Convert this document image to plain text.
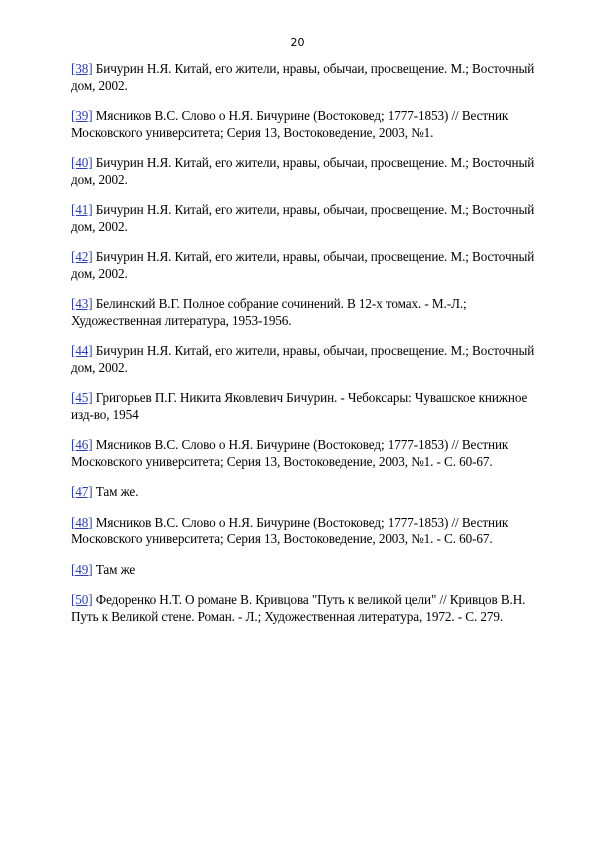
20

[38] Бичурин Н.Я. Китай, его жители, нравы, обычаи, просвещение. М.; Восточный дом, 2002.

[39] Мясников В.С. Слово о Н.Я. Бичурине (Востоковед; 1777-1853) // Вестник Московского университета; Серия 13, Востоковедение, 2003, №1.

[40] Бичурин Н.Я. Китай, его жители, нравы, обычаи, просвещение. М.; Восточный дом, 2002.

[41] Бичурин Н.Я. Китай, его жители, нравы, обычаи, просвещение. М.; Восточный дом, 2002.

[42] Бичурин Н.Я. Китай, его жители, нравы, обычаи, просвещение. М.; Восточный дом, 2002.

[43] Белинский В.Г. Полное собрание сочинений. В 12-х томах. - М.-Л.; Художественная литература, 1953-1956.

[44] Бичурин Н.Я. Китай, его жители, нравы, обычаи, просвещение. М.; Восточный дом, 2002.

[45] Григорьев П.Г. Никита Яковлевич Бичурин. - Чебоксары: Чувашское книжное изд-во, 1954

[46] Мясников В.С. Слово о Н.Я. Бичурине (Востоковед; 1777-1853) // Вестник Московского университета; Серия 13, Востоковедение, 2003, №1. - С. 60-67.

[47] Там же.

[48] Мясников В.С. Слово о Н.Я. Бичурине (Востоковед; 1777-1853) // Вестник Московского университета; Серия 13, Востоковедение, 2003, №1. - С. 60-67.

[49] Там же

[50] Федоренко Н.Т. О романе В. Кривцова "Путь к великой цели" // Кривцов В.Н. Путь к Великой стене. Роман. - Л.; Художественная литература, 1972. - С. 279.
